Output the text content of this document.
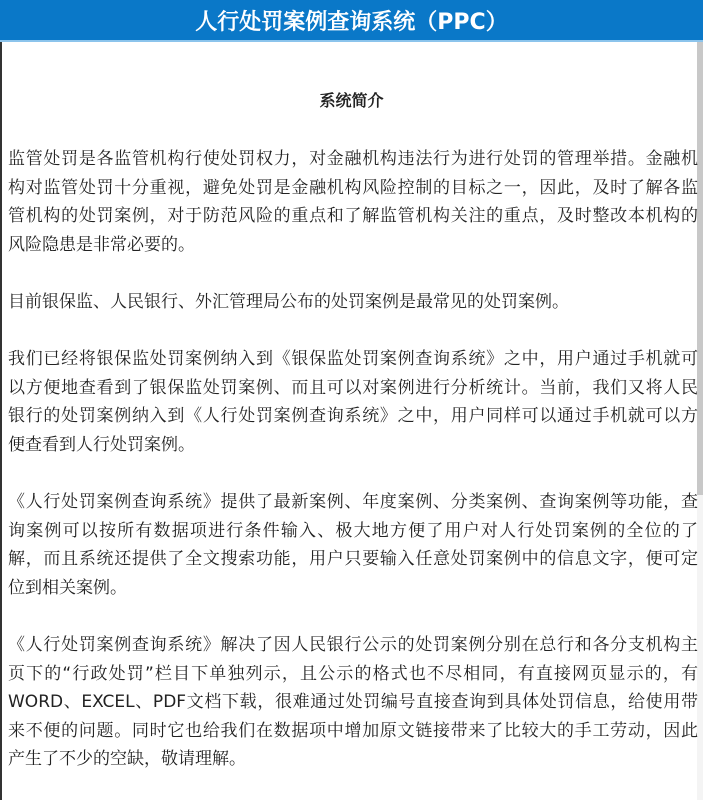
人行处罚案例查询系统（PPC）
系统简介
监管处罚是各监管机构行使处罚权力，对金融机构违法行为进行处罚的管理举措。金融机
构对监管处罚十分重视，避免处罚是金融机构风险控制的目标之一，因此，及时了解各监
管机构的处罚案例，对于防范风险的重点和了解监管机构关注的重点，及时整改本机构的
风险隐患是非常必要的。
目前银保监、人民银行、外汇管理局公布的处罚案例是最常见的处罚案例。
我们已经将银保监处罚案例纳入到《银保监处罚案例查询系统》之中，用户通过手机就可
以方便地查看到了银保监处罚案例、而且可以对案例进行分析统计。当前，我们又将人民
银行的处罚案例纳入到《人行处罚案例查询系统》之中，用户同样可以通过手机就可以方
便查看到人行处罚案例。
《人行处罚案例查询系统》提供了最新案例、年度案例、分类案例、查询案例等功能，查
询案例可以按所有数据项进行条件输入、极大地方便了用户对人行处罚案例的全位的了
解，而且系统还提供了全文搜索功能，用户只要输入任意处罚案例中的信息文字，便可定
位到相关案例。
《人行处罚案例查询系统》解决了因人民银行公示的处罚案例分别在总行和各分支机构主
页下的“行政处罚”栏目下单独列示，且公示的格式也不尽相同，有直接网页显示的，有
WORD、EXCEL、PDF文档下载，很难通过处罚编号直接查询到具体处罚信息，给使用带
来不便的问题。同时它也给我们在数据项中增加原文链接带来了比较大的手工劳动，因此
产生了不少的空缺，敬请理解。
